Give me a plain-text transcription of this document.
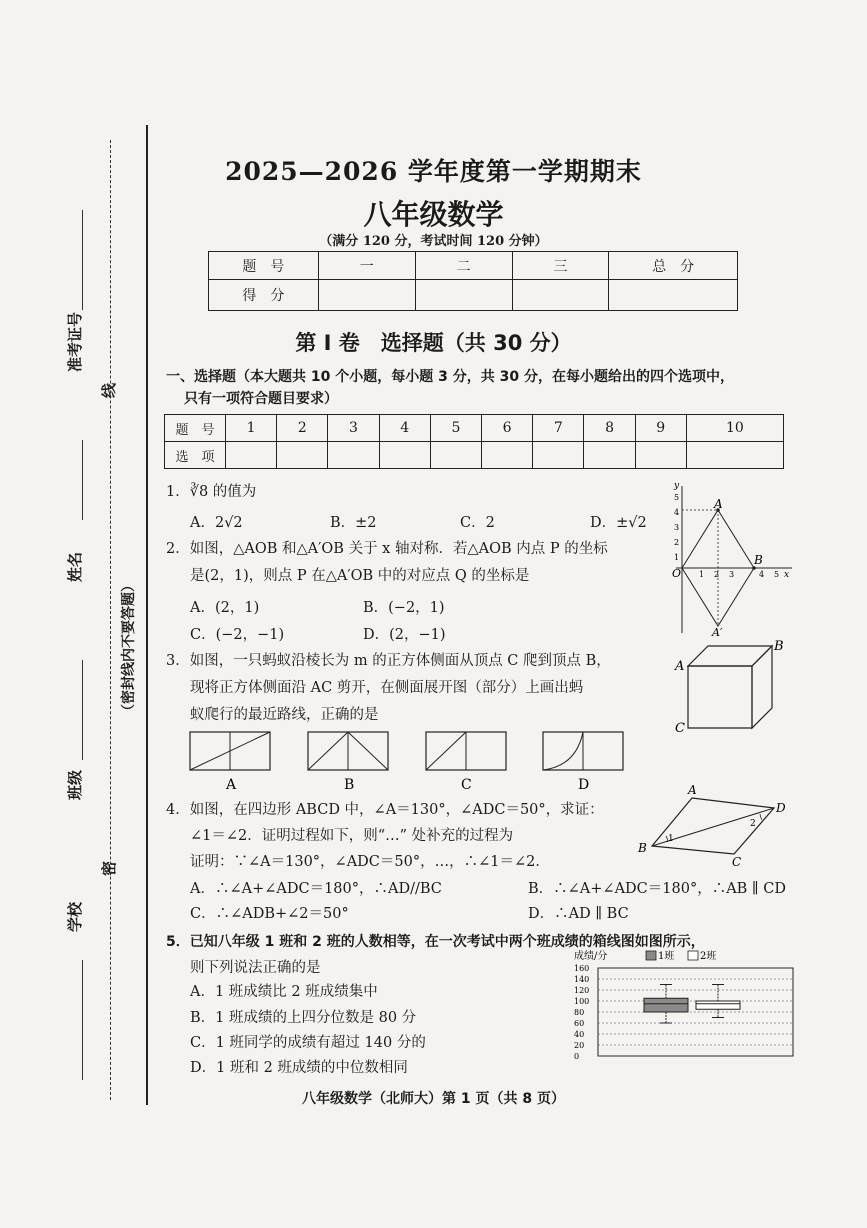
准考证号
线
姓名
（密封线内不要答题）
班级
密
学校
2025—2026 学年度第一学期期末
八年级数学
（满分 120 分，考试时间 120 分钟）
题　号	一	二	三	总　分
得　分				
第 Ⅰ 卷　选择题（共 30 分）
一、选择题（本大题共 10 个小题，每小题 3 分，共 30 分，在每小题给出的四个选项中，
只有一项符合题目要求）
题　号	1	2	3	4	5	6	7	8	9	10
选　项										
1．∛8 的值为
A．2√2	B．±2	C．2	D．±√2
2．如图，△AOB 和△A′OB 关于 x 轴对称．若△AOB 内点 P 的坐标
是(2，1)，则点 P 在△A′OB 中的对应点 Q 的坐标是
A．(2，1)	B．(−2，1)
C．(−2，−1)	D．(2，−1)
y
x
O
5
4
3
2
1
1 2 3	4 5
A
B
A′
3．如图，一只蚂蚁沿棱长为 m 的正方体侧面从顶点 C 爬到顶点 B，
现将正方体侧面沿 AC 剪开，在侧面展开图（部分）上画出蚂
蚁爬行的最近路线，正确的是
A
B
C
A	B	C	D
4．如图，在四边形 ABCD 中，∠A＝130°，∠ADC＝50°，求证：
∠1＝∠2．证明过程如下，则“…” 处补充的过程为
证明：∵∠A＝130°，∠ADC＝50°，…，∴∠1＝∠2．
A．∴∠A+∠ADC＝180°，∴AD//BC	B．∴∠A+∠ADC＝180°，∴AB ∥ CD
C．∴∠ADB+∠2＝50°	D．∴AD ∥ BC
A
D
B
C
1
2
5．已知八年级 1 班和 2 班的人数相等，在一次考试中两个班成绩的箱线图如图所示，
则下列说法正确的是
A．1 班成绩比 2 班成绩集中
B．1 班成绩的上四分位数是 80 分
C．1 班同学的成绩有超过 140 分的
D．1 班和 2 班成绩的中位数相同
成绩/分	1班	2班
160
140
120
100
80
60
40
20
0
八年级数学（北师大）第 1 页（共 8 页）
